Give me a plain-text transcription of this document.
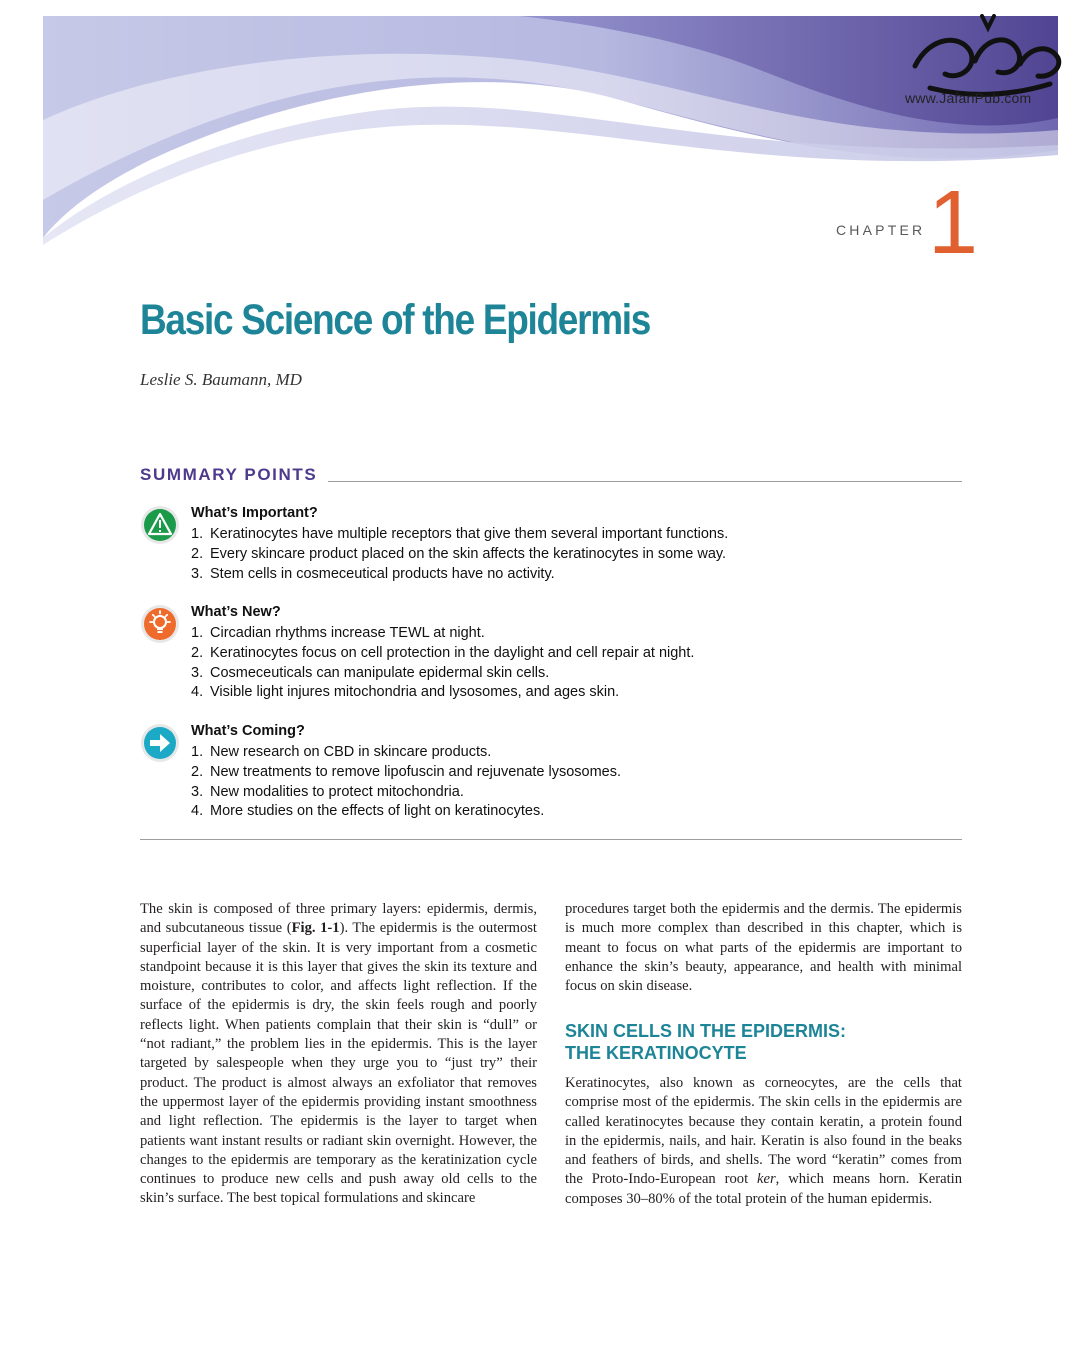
www.JafariPub.com
CHAPTER 1
Basic Science of the Epidermis
Leslie S. Baumann, MD
SUMMARY POINTS
What’s Important?
1. Keratinocytes have multiple receptors that give them several important functions.
2. Every skincare product placed on the skin affects the keratinocytes in some way.
3. Stem cells in cosmeceutical products have no activity.
What’s New?
1. Circadian rhythms increase TEWL at night.
2. Keratinocytes focus on cell protection in the daylight and cell repair at night.
3. Cosmeceuticals can manipulate epidermal skin cells.
4. Visible light injures mitochondria and lysosomes, and ages skin.
What’s Coming?
1. New research on CBD in skincare products.
2. New treatments to remove lipofuscin and rejuvenate lysosomes.
3. New modalities to protect mitochondria.
4. More studies on the effects of light on keratinocytes.

The skin is composed of three primary layers: epidermis, dermis, and subcutaneous tissue (Fig. 1-1). The epidermis is the outermost superficial layer of the skin. It is very important from a cosmetic standpoint because it is this layer that gives the skin its texture and moisture, contributes to color, and affects light reflection. If the surface of the epidermis is dry, the skin feels rough and poorly reflects light. When patients complain that their skin is “dull” or “not radiant,” the problem lies in the epidermis. This is the layer targeted by salespeople when they urge you to “just try” their product. The product is almost always an exfoliator that removes the uppermost layer of the epidermis providing instant smoothness and light reflection. The epidermis is the layer to target when patients want instant results or radiant skin overnight. However, the changes to the epidermis are temporary as the keratinization cycle continues to produce new cells and push away old cells to the skin’s surface. The best topical formulations and skincare

procedures target both the epidermis and the dermis. The epidermis is much more complex than described in this chapter, which is meant to focus on what parts of the epidermis are important to enhance the skin’s beauty, appearance, and health with minimal focus on skin disease.

SKIN CELLS IN THE EPIDERMIS:
THE KERATINOCYTE

Keratinocytes, also known as corneocytes, are the cells that comprise most of the epidermis. The skin cells in the epidermis are called keratinocytes because they contain keratin, a protein found in the epidermis, nails, and hair. Keratin is also found in the beaks and feathers of birds, and shells. The word “keratin” comes from the Proto-Indo-European root ker, which means horn. Keratin composes 30–80% of the total protein of the human epidermis.
